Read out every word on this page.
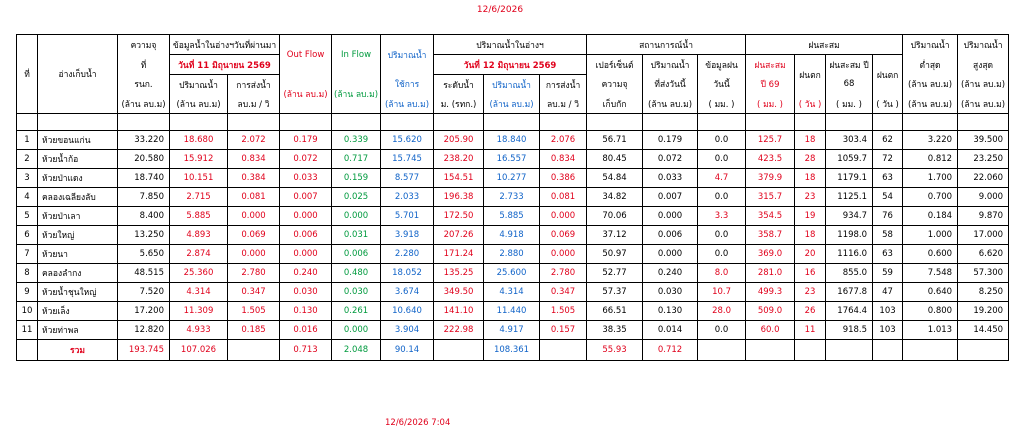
12/6/2026
ที่	อ่างเก็บน้ำ	ความจุ	ข้อมูลน้ำในอ่างฯวันที่ผ่านมา		Out Flow	In Flow	ปริมาณน้ำ	ปริมาณน้ำในอ่างฯ			สถานการณ์น้ำ			ฝนสะสม				ปริมาณน้ำ	ปริมาณน้ำ
		ที่	วันที่ 11 มิถุนายน 2569					วันที่ 12 มิถุนายน 2569			เปอร์เซ็นต์	ปริมาณน้ำ	ข้อมูลฝน	ฝนสะสม	ฝนตก	ฝนสะสม ปี	ฝนตก	ต่ำสุด	สูงสุด
		รนก.	ปริมาณน้ำ	การส่งน้ำ	(ล้าน ลบ.ม)	(ล้าน ลบ.ม)	ใช้การ	ระดับน้ำ	ปริมาณน้ำ	การส่งน้ำ	ความจุ	ที่ส่งวันนี้	วันนี้	ปี 69		68		(ล้าน ลบ.ม)	(ล้าน ลบ.ม)
		(ล้าน ลบ.ม)	(ล้าน ลบ.ม)	ลบ.ม / วิ			(ล้าน ลบ.ม)	ม. (รทก.)	(ล้าน ลบ.ม)	ลบ.ม / วิ	เก็บกัก	(ล้าน ลบ.ม)	( มม. )	( มม. )	( วัน )	( มม. )	( วัน )	(ล้าน ลบ.ม)	(ล้าน ลบ.ม)

1	ห้วยขอนแก่น	33.220	18.680	2.072	0.179	0.339	15.620	205.90	18.840	2.076	56.71	0.179	0.0	125.7	18	303.4	62	3.220	39.500
2	ห้วยน้ำก้อ	20.580	15.912	0.834	0.072	0.717	15.745	238.20	16.557	0.834	80.45	0.072	0.0	423.5	28	1059.7	72	0.812	23.250
3	ห้วยป่าแดง	18.740	10.151	0.384	0.033	0.159	8.577	154.51	10.277	0.386	54.84	0.033	4.7	379.9	18	1179.1	63	1.700	22.060
4	คลองเฉลียงลับ	7.850	2.715	0.081	0.007	0.025	2.033	196.38	2.733	0.081	34.82	0.007	0.0	315.7	23	1125.1	54	0.700	9.000
5	ห้วยป่าเลา	8.400	5.885	0.000	0.000	0.000	5.701	172.50	5.885	0.000	70.06	0.000	3.3	354.5	19	934.7	76	0.184	9.870
6	ห้วยใหญ่	13.250	4.893	0.069	0.006	0.031	3.918	207.26	4.918	0.069	37.12	0.006	0.0	358.7	18	1198.0	58	1.000	17.000
7	ห้วยนา	5.650	2.874	0.000	0.000	0.006	2.280	171.24	2.880	0.000	50.97	0.000	0.0	369.0	20	1116.0	63	0.600	6.620
8	คลองลำกง	48.515	25.360	2.780	0.240	0.480	18.052	135.25	25.600	2.780	52.77	0.240	8.0	281.0	16	855.0	59	7.548	57.300
9	ห้วยน้ำชุนใหญ่	7.520	4.314	0.347	0.030	0.030	3.674	349.50	4.314	0.347	57.37	0.030	10.7	499.3	23	1677.8	47	0.640	8.250
10	ห้วยเล็ง	17.200	11.309	1.505	0.130	0.261	10.640	141.10	11.440	1.505	66.51	0.130	28.0	509.0	26	1764.4	103	0.800	19.200
11	ห้วยท่าพล	12.820	4.933	0.185	0.016	0.000	3.904	222.98	4.917	0.157	38.35	0.014	0.0	60.0	11	918.5	103	1.013	14.450
	รวม	193.745	107.026		0.713	2.048	90.14		108.361		55.93	0.712							
12/6/2026 7:04
